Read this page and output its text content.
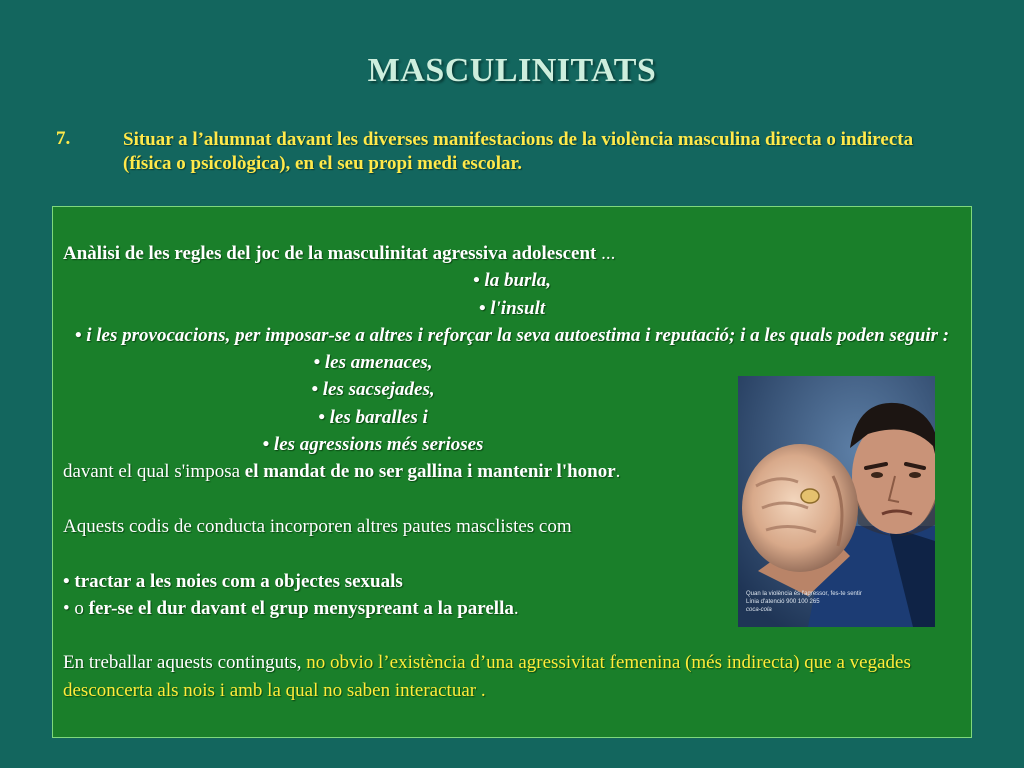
MASCULINITATS
7.	Situar a l’alumnat davant les diverses manifestacions de la violència masculina directa o indirecta (física o psicològica), en el seu propi medi escolar.

Anàlisi de les regles del joc de la masculinitat agressiva adolescent ...

• la burla,

• l'insult

• i les provocacions, per imposar-se a altres i reforçar la seva autoestima i reputació; i a les quals poden seguir :

• les amenaces,

• les sacsejades,

• les baralles i

• les agressions més serioses

davant el qual s'imposa el mandat de no ser gallina i mantenir l'honor.

Aquests codis de conducta incorporen altres pautes masclistes com

• tractar a les noies com a objectes sexuals

• o fer-se el dur davant el grup menyspreant a la parella.

En treballar aquests continguts, no obvio l’existència d’una agressivitat femenina (més indirecta) que a vegades desconcerta als nois i amb la qual no saben interactuar .

Quan la violència és l'agressor, fes-te sentir
Línia d'atenció 900 100 265
coca-cola
